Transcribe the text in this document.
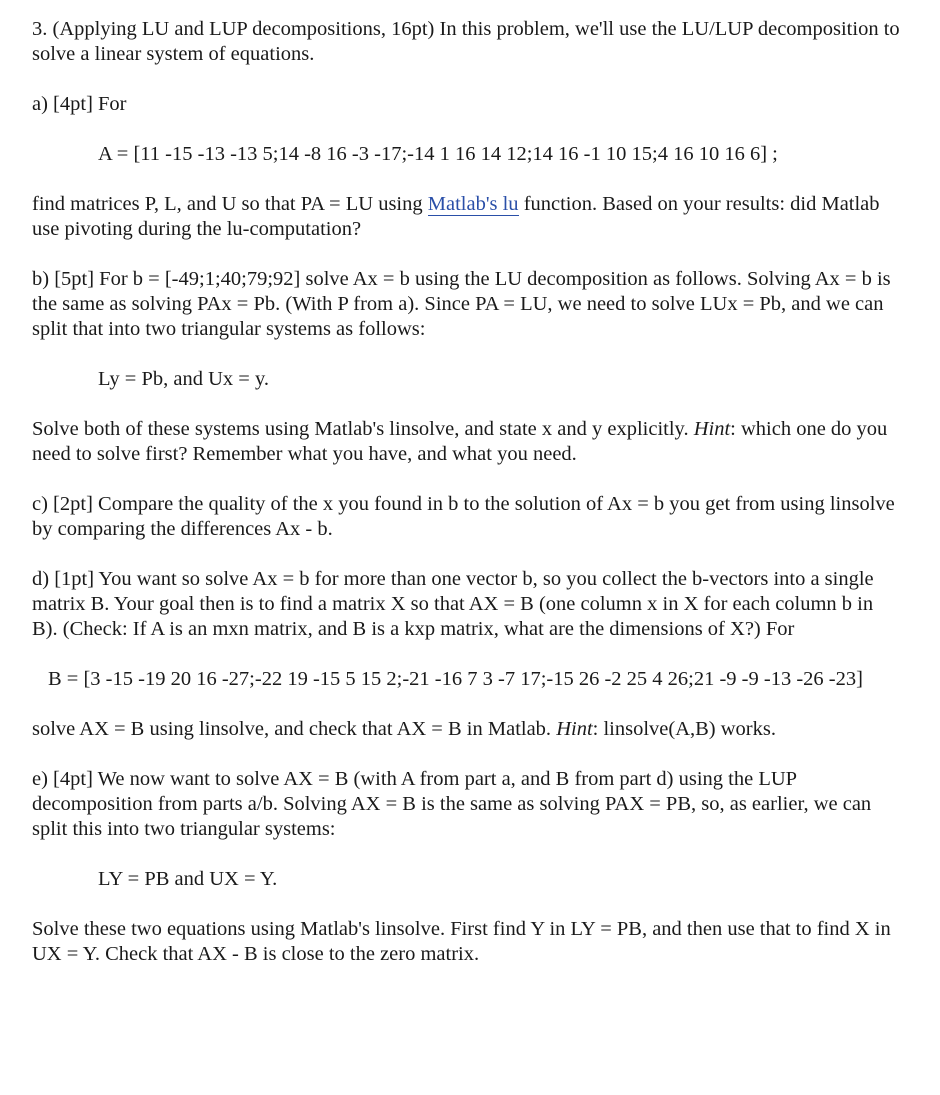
3. (Applying LU and LUP decompositions, 16pt) In this problem, we'll use the LU/LUP decomposition to solve a linear system of equations.

a) [4pt] For

A = [11 -15 -13 -13 5;14 -8 16 -3 -17;-14 1 16 14 12;14 16 -1 10 15;4 16 10 16 6] ;

find matrices P, L, and U so that PA = LU using Matlab's lu function. Based on your results: did Matlab use pivoting during the lu-computation?

b) [5pt] For b = [-49;1;40;79;92] solve Ax = b using the LU decomposition as follows. Solving Ax = b is the same as solving PAx = Pb. (With P from a). Since PA = LU, we need to solve LUx = Pb, and we can split that into two triangular systems as follows:

Ly = Pb, and Ux = y.

Solve both of these systems using Matlab's linsolve, and state x and y explicitly. Hint: which one do you need to solve first? Remember what you have, and what you need.

c) [2pt] Compare the quality of the x you found in b to the solution of Ax = b you get from using linsolve by comparing the differences Ax - b.

d) [1pt] You want so solve Ax = b for more than one vector b, so you collect the b-vectors into a single matrix B. Your goal then is to find a matrix X so that AX = B (one column x in X for each column b in B). (Check: If A is an mxn matrix, and B is a kxp matrix, what are the dimensions of X?) For

B = [3 -15 -19 20 16 -27;-22 19 -15 5 15 2;-21 -16 7 3 -7 17;-15 26 -2 25 4 26;21 -9 -9 -13 -26 -23]

solve AX = B using linsolve, and check that AX = B in Matlab. Hint: linsolve(A,B) works.

e) [4pt] We now want to solve AX = B (with A from part a, and B from part d) using the LUP decomposition from parts a/b. Solving AX = B is the same as solving PAX = PB, so, as earlier, we can split this into two triangular systems:

LY = PB and UX = Y.

Solve these two equations using Matlab's linsolve. First find Y in LY = PB, and then use that to find X in UX = Y. Check that AX - B is close to the zero matrix.
